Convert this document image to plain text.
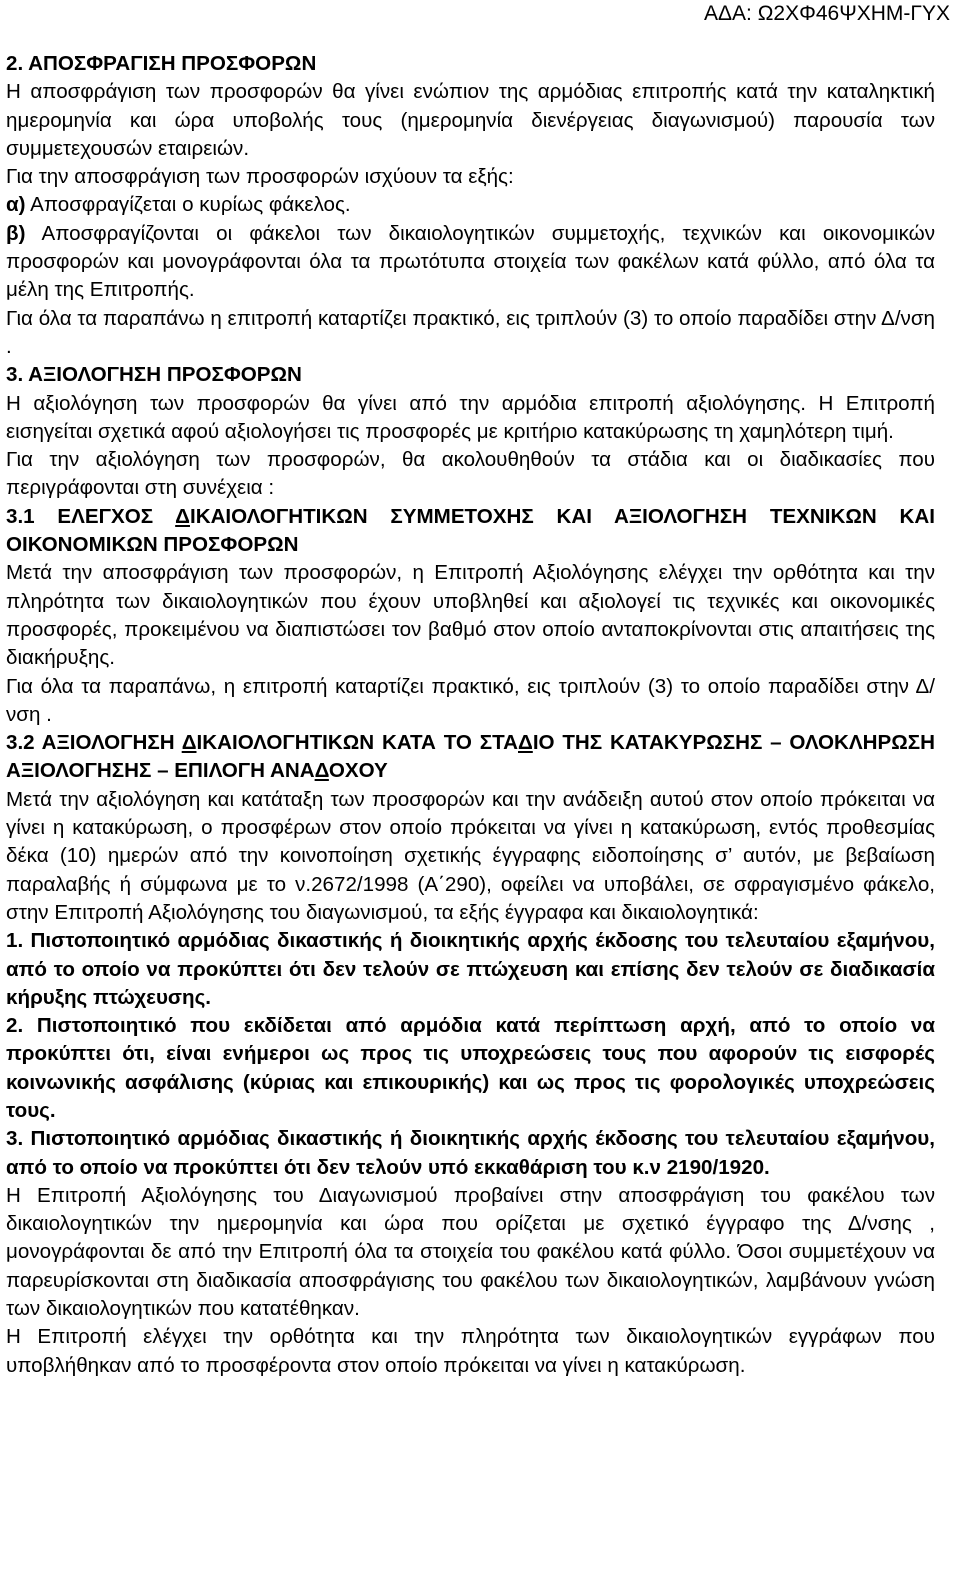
ΑΔΑ: Ω2ΧΦ46ΨΧΗΜ-ΓΥΧ

2. ΑΠΟΣΦΡΑΓΙΣΗ ΠΡΟΣΦΟΡΩΝ

Η αποσφράγιση των προσφορών θα γίνει ενώπιον της αρμόδιας επιτροπής κατά την καταληκτική ημερομηνία και ώρα υποβολής τους (ημερομηνία διενέργειας διαγωνισμού) παρουσία των συμμετεχουσών εταιρειών.

Για την αποσφράγιση των προσφορών ισχύουν τα εξής:

α) Αποσφραγίζεται ο κυρίως φάκελος.

β) Αποσφραγίζονται οι φάκελοι των δικαιολογητικών συμμετοχής, τεχνικών και οικονομικών προσφορών και μονογράφονται όλα τα πρωτότυπα στοιχεία των φακέλων κατά φύλλο, από όλα τα μέλη της Επιτροπής.

Για όλα τα παραπάνω η επιτροπή καταρτίζει πρακτικό, εις τριπλούν (3) το οποίο παραδίδει στην Δ/νση .

3. ΑΞΙΟΛΟΓΗΣΗ ΠΡΟΣΦΟΡΩΝ

Η αξιολόγηση των προσφορών θα γίνει από την αρμόδια επιτροπή αξιολόγησης. Η Επιτροπή εισηγείται σχετικά αφού αξιολογήσει τις προσφορές με κριτήριο κατακύρωσης τη χαμηλότερη τιμή.

Για την αξιολόγηση των προσφορών, θα ακολουθηθούν τα στάδια και οι διαδικασίες που περιγράφονται στη συνέχεια :

3.1 ΕΛΕΓΧΟΣ ΔΙΚΑΙΟΛΟΓΗΤΙΚΩΝ ΣΥΜΜΕΤΟΧΗΣ ΚΑΙ ΑΞΙΟΛΟΓΗΣΗ ΤΕΧΝΙΚΩΝ ΚΑΙ ΟΙΚΟΝΟΜΙΚΩΝ ΠΡΟΣΦΟΡΩΝ

Μετά την αποσφράγιση των προσφορών, η Επιτροπή Αξιολόγησης ελέγχει την ορθότητα και την πληρότητα των δικαιολογητικών που έχουν υποβληθεί και αξιολογεί τις τεχνικές και οικονομικές προσφορές, προκειμένου να διαπιστώσει τον βαθμό στον οποίο ανταποκρίνονται στις απαιτήσεις της διακήρυξης.

Για όλα τα παραπάνω, η επιτροπή καταρτίζει πρακτικό, εις τριπλούν (3) το οποίο παραδίδει στην Δ/νση .

3.2 ΑΞΙΟΛΟΓΗΣΗ ΔΙΚΑΙΟΛΟΓΗΤΙΚΩΝ ΚΑΤΑ ΤΟ ΣΤΑΔΙΟ ΤΗΣ ΚΑΤΑΚΥΡΩΣΗΣ – ΟΛΟΚΛΗΡΩΣΗ ΑΞΙΟΛΟΓΗΣΗΣ – ΕΠΙΛΟΓΗ ΑΝΑΔΟΧΟΥ

Μετά την αξιολόγηση και κατάταξη των προσφορών και την ανάδειξη αυτού στον οποίο πρόκειται να γίνει η κατακύρωση, ο προσφέρων στον οποίο πρόκειται να γίνει η κατακύρωση, εντός προθεσμίας δέκα (10) ημερών από την κοινοποίηση σχετικής έγγραφης ειδοποίησης σ’ αυτόν, με βεβαίωση παραλαβής ή σύμφωνα με το ν.2672/1998 (Α΄290), οφείλει να υποβάλει, σε σφραγισμένο φάκελο, στην Επιτροπή Αξιολόγησης του διαγωνισμού, τα εξής έγγραφα και δικαιολογητικά:

1. Πιστοποιητικό αρμόδιας δικαστικής ή διοικητικής αρχής έκδοσης του τελευταίου εξαμήνου, από το οποίο να προκύπτει ότι δεν τελούν σε πτώχευση και επίσης δεν τελούν σε διαδικασία κήρυξης πτώχευσης.

2. Πιστοποιητικό που εκδίδεται από αρμόδια κατά περίπτωση αρχή, από το οποίο να προκύπτει ότι, είναι ενήμεροι ως προς τις υποχρεώσεις τους που αφορούν τις εισφορές κοινωνικής ασφάλισης (κύριας και επικουρικής) και ως προς τις φορολογικές υποχρεώσεις τους.

3. Πιστοποιητικό αρμόδιας δικαστικής ή διοικητικής αρχής έκδοσης του τελευταίου εξαμήνου, από το οποίο να προκύπτει ότι δεν τελούν υπό εκκαθάριση του κ.ν 2190/1920.

Η Επιτροπή Αξιολόγησης του Διαγωνισμού προβαίνει στην αποσφράγιση του φακέλου των δικαιολογητικών την ημερομηνία και ώρα που ορίζεται με σχετικό έγγραφο της Δ/νσης , μονογράφονται δε από την Επιτροπή όλα τα στοιχεία του φακέλου κατά φύλλο. Όσοι συμμετέχουν να παρευρίσκονται στη διαδικασία αποσφράγισης του φακέλου των δικαιολογητικών, λαμβάνουν γνώση των δικαιολογητικών που κατατέθηκαν.

Η Επιτροπή ελέγχει την ορθότητα και την πληρότητα των δικαιολογητικών εγγράφων που υποβλήθηκαν από το προσφέροντα στον οποίο πρόκειται να γίνει η κατακύρωση.
